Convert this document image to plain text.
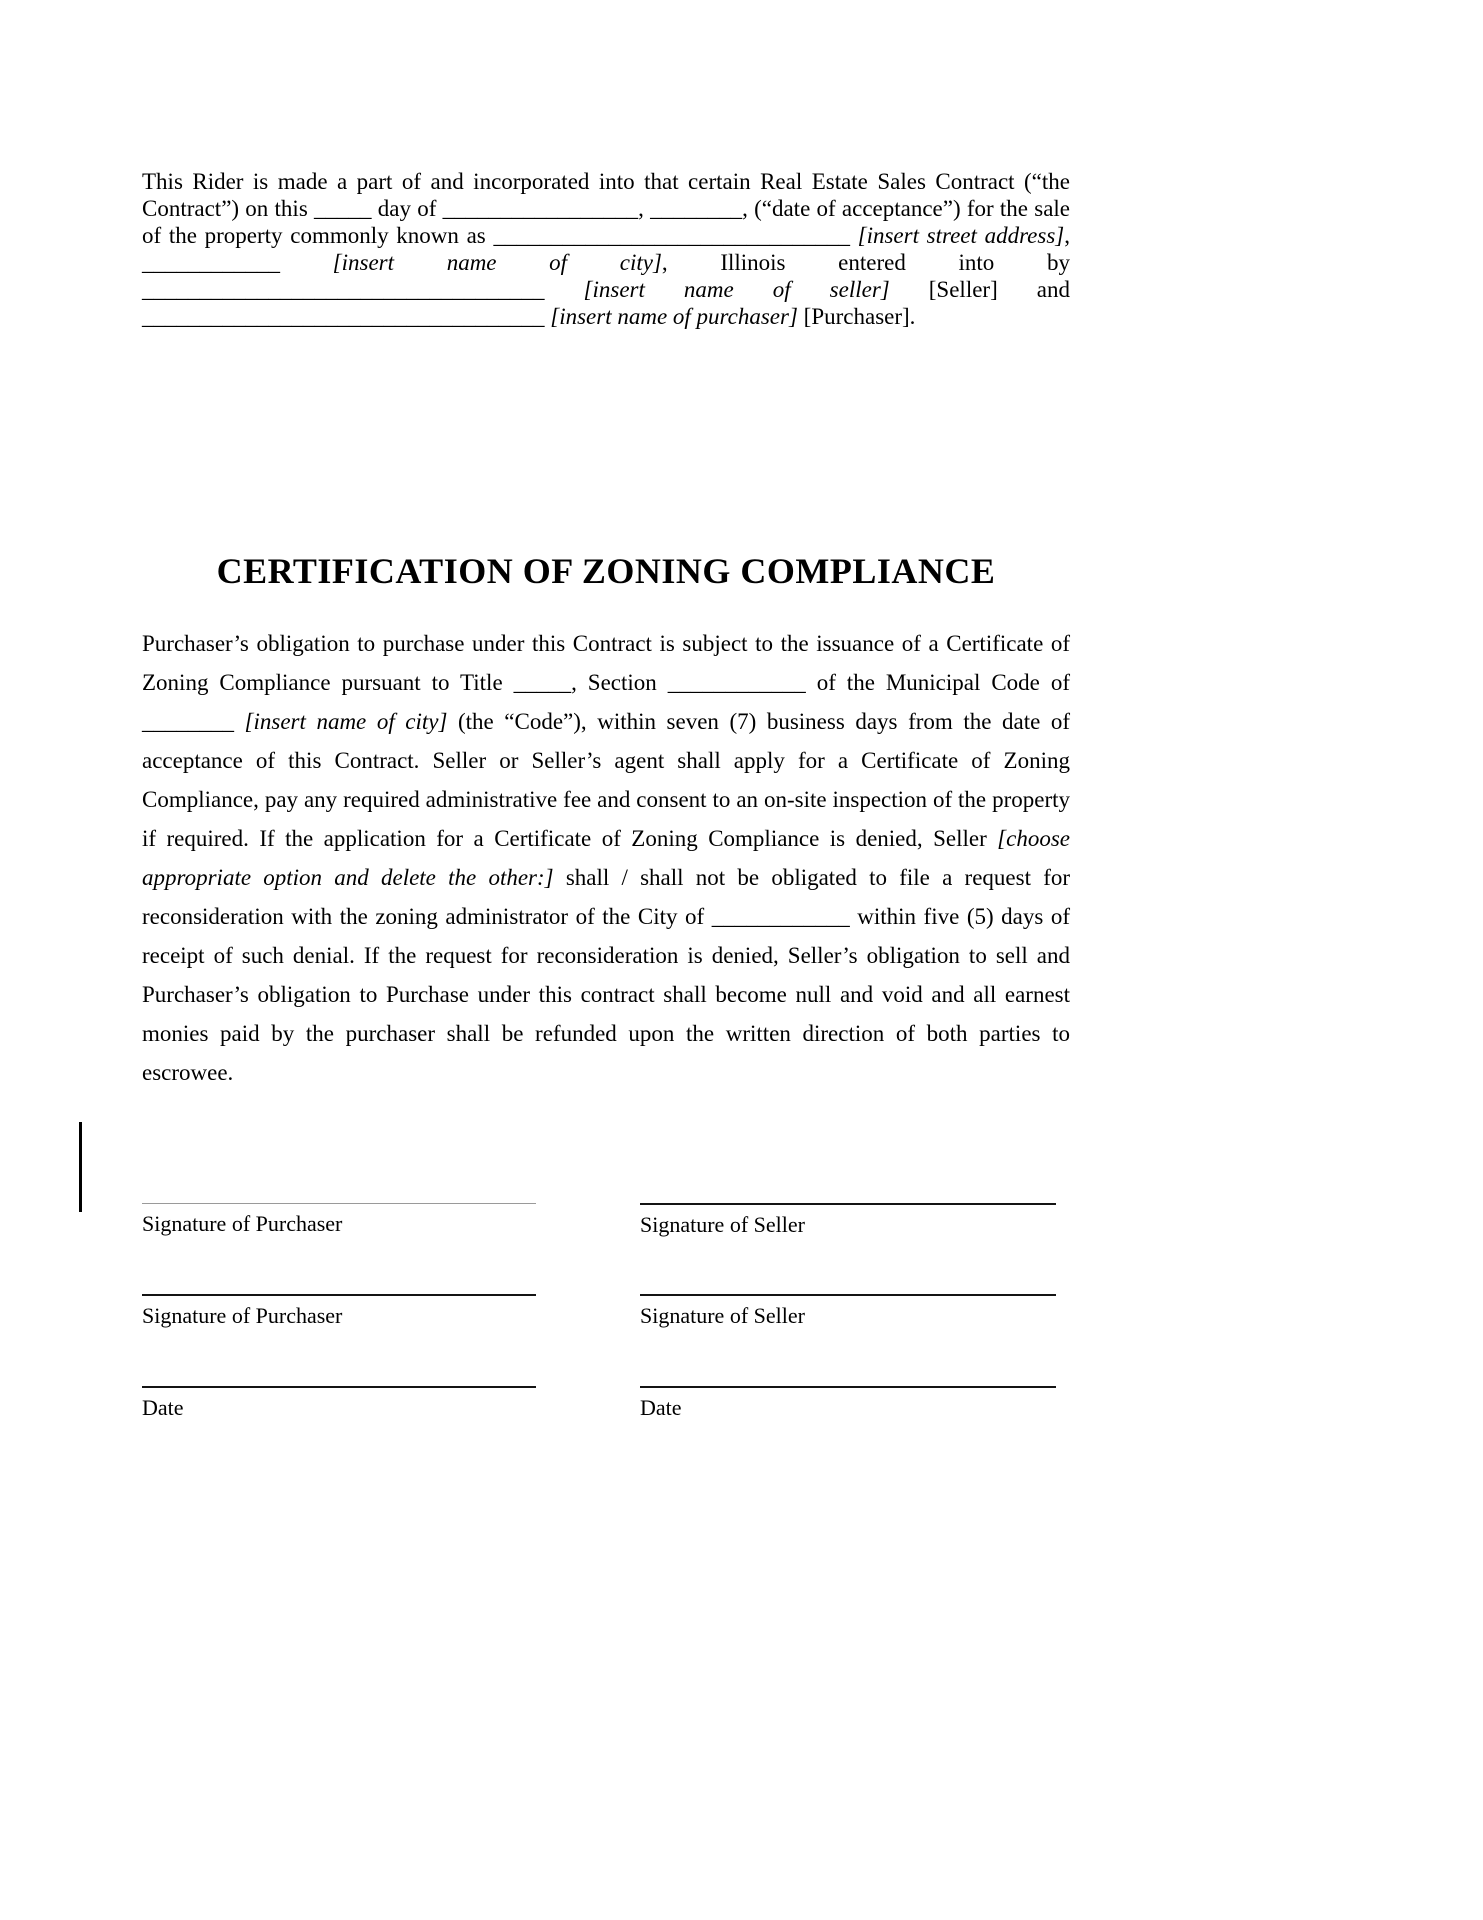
This Rider is made a part of and incorporated into that certain Real Estate Sales Contract (“the Contract”) on this _____ day of _________________, ________, (“date of acceptance”) for the sale of the property commonly known as _______________________________ [insert street address], ____________ [insert name of city], Illinois entered into by ___________________________________ [insert name of seller] [Seller] and ___________________________________ [insert name of purchaser] [Purchaser].

CERTIFICATION OF ZONING COMPLIANCE

Purchaser’s obligation to purchase under this Contract is subject to the issuance of a Certificate of Zoning Compliance pursuant to Title _____, Section ____________ of the Municipal Code of ________ [insert name of city] (the “Code”), within seven (7) business days from the date of acceptance of this Contract. Seller or Seller’s agent shall apply for a Certificate of Zoning Compliance, pay any required administrative fee and consent to an on-site inspection of the property if required. If the application for a Certificate of Zoning Compliance is denied, Seller [choose appropriate option and delete the other:] shall / shall not be obligated to file a request for reconsideration with the zoning administrator of the City of ____________ within five (5) days of receipt of such denial. If the request for reconsideration is denied, Seller’s obligation to sell and Purchaser’s obligation to Purchase under this contract shall become null and void and all earnest monies paid by the purchaser shall be refunded upon the written direction of both parties to escrowee.

Signature of Purchaser
Signature of Purchaser
Date
Signature of Seller
Signature of Seller
Date
